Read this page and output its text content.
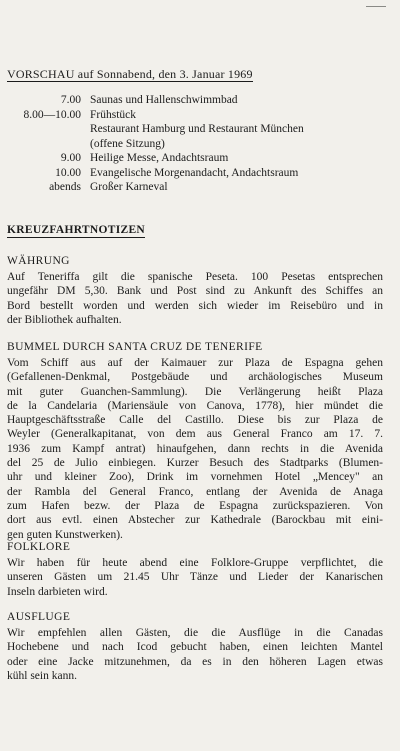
VORSCHAU auf Sonnabend, den 3. Januar 1969
7.00 Saunas und Hallenschwimmbad
8.00—10.00 Frühstück
Restaurant Hamburg und Restaurant München
(offene Sitzung)
9.00 Heilige Messe, Andachtsraum
10.00 Evangelische Morgenandacht, Andachtsraum
abends Großer Karneval
KREUZFAHRTNOTIZEN
WÄHRUNG
Auf Teneriffa gilt die spanische Peseta. 100 Pesetas entsprechen
ungefähr DM 5,30. Bank und Post sind zu Ankunft des Schiffes an
Bord bestellt worden und werden sich wieder im Reisebüro und in
der Bibliothek aufhalten.
BUMMEL DURCH SANTA CRUZ DE TENERIFE
Vom Schiff aus auf der Kaimauer zur Plaza de Espagna gehen
(Gefallenen-Denkmal, Postgebäude und archäologisches Museum
mit guter Guanchen-Sammlung). Die Verlängerung heißt Plaza
de la Candelaria (Mariensäule von Canova, 1778), hier mündet die
Hauptgeschäftsstraße Calle del Castillo. Diese bis zur Plaza de
Weyler (Generalkapitanat, von dem aus General Franco am 17. 7.
1936 zum Kampf antrat) hinaufgehen, dann rechts in die Avenida
del 25 de Julio einbiegen. Kurzer Besuch des Stadtparks (Blumen-
uhr und kleiner Zoo), Drink im vornehmen Hotel „Mencey" an
der Rambla del General Franco, entlang der Avenida de Anaga
zum Hafen bezw. der Plaza de Espagna zurückspazieren. Von
dort aus evtl. einen Abstecher zur Kathedrale (Barockbau mit eini-
gen guten Kunstwerken).
FOLKLORE
Wir haben für heute abend eine Folklore-Gruppe verpflichtet, die
unseren Gästen um 21.45 Uhr Tänze und Lieder der Kanarischen
Inseln darbieten wird.
AUSFLUGE
Wir empfehlen allen Gästen, die die Ausflüge in die Canadas
Hochebene und nach Icod gebucht haben, einen leichten Mantel
oder eine Jacke mitzunehmen, da es in den höheren Lagen etwas
kühl sein kann.
